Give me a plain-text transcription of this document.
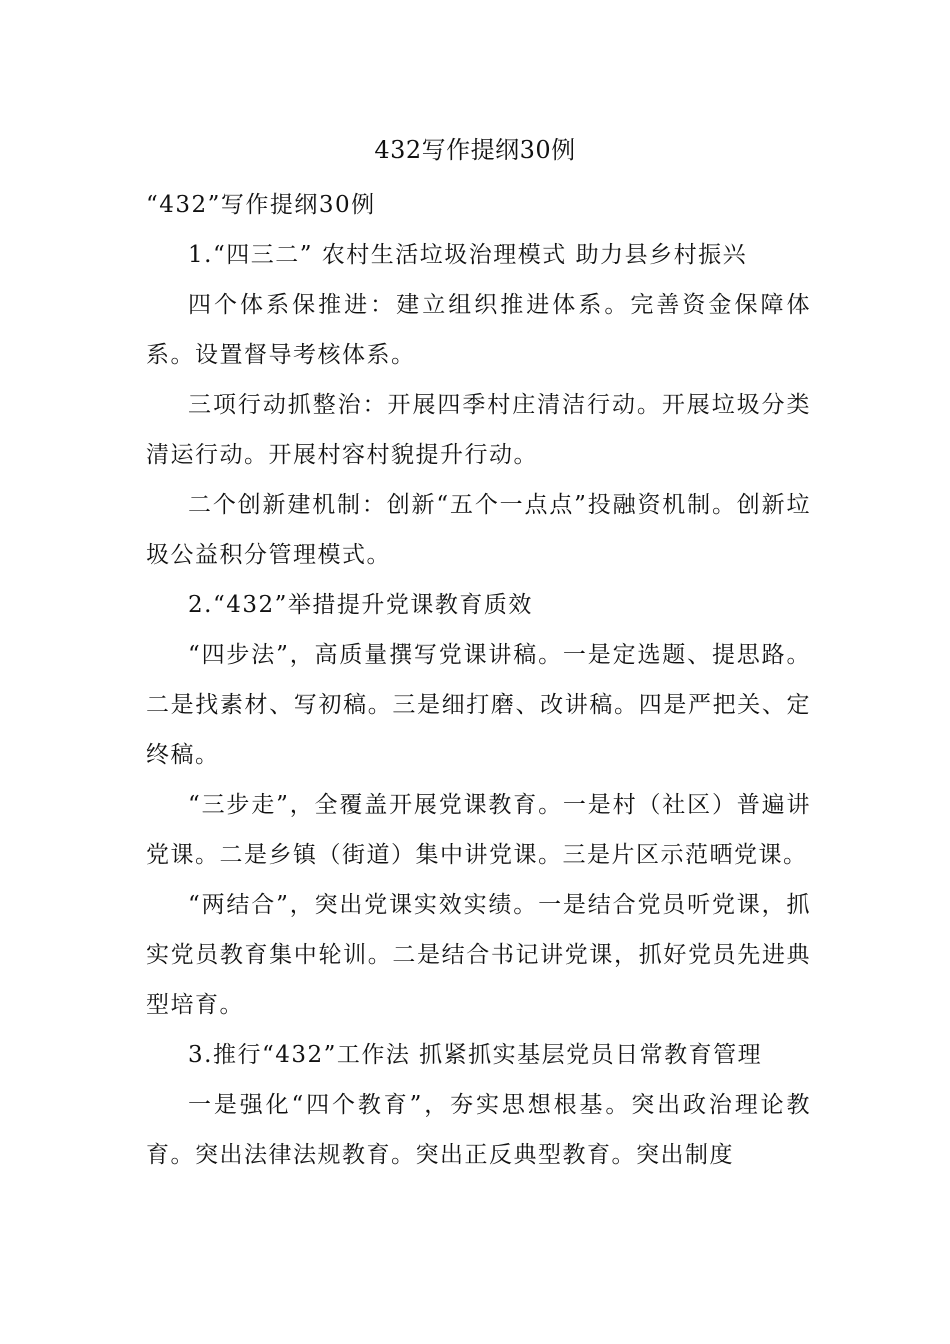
432写作提纲30例

“432”写作提纲30例

1.“四三二” 农村生活垃圾治理模式 助力县乡村振兴

四个体系保推进：建立组织推进体系。完善资金保障体系。设置督导考核体系。

三项行动抓整治：开展四季村庄清洁行动。开展垃圾分类清运行动。开展村容村貌提升行动。

二个创新建机制：创新“五个一点点”投融资机制。创新垃圾公益积分管理模式。

2.“432”举措提升党课教育质效

“四步法”，高质量撰写党课讲稿。一是定选题、提思路。二是找素材、写初稿。三是细打磨、改讲稿。四是严把关、定终稿。

“三步走”，全覆盖开展党课教育。一是村（社区）普遍讲党课。二是乡镇（街道）集中讲党课。三是片区示范晒党课。

“两结合”，突出党课实效实绩。一是结合党员听党课，抓实党员教育集中轮训。二是结合书记讲党课，抓好党员先进典型培育。

3.推行“432”工作法 抓紧抓实基层党员日常教育管理

一是强化“四个教育”，夯实思想根基。突出政治理论教育。突出法律法规教育。突出正反典型教育。突出制度
